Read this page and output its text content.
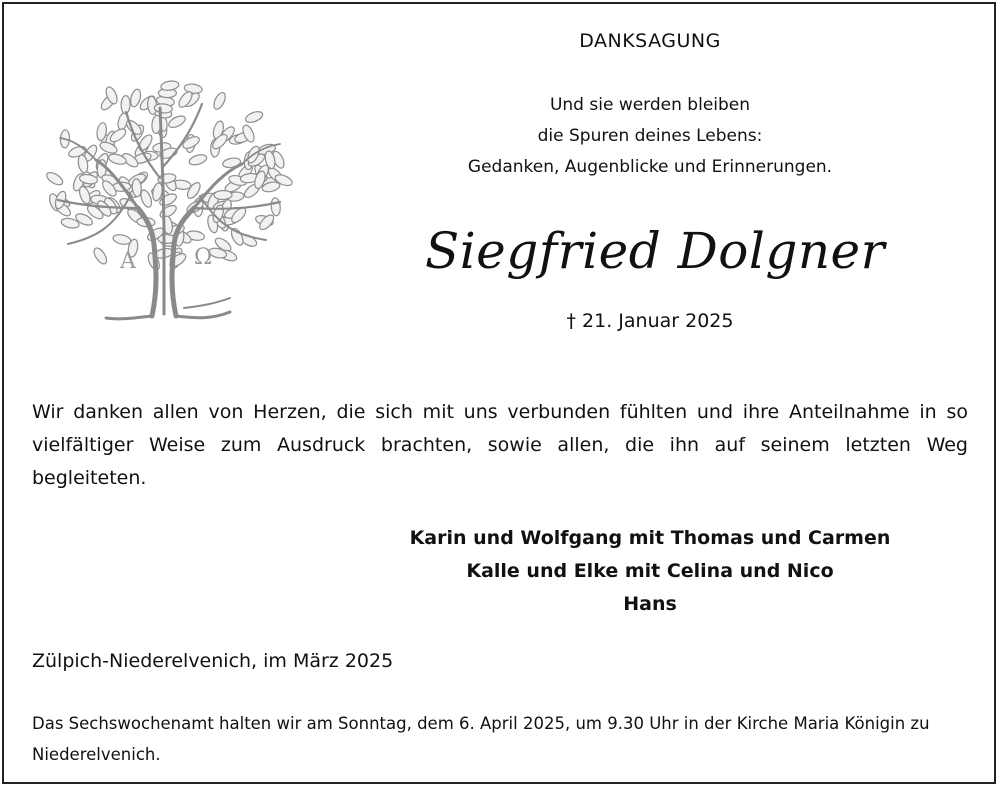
A	Ω
DANKSAGUNG
Und sie werden bleiben
die Spuren deines Lebens:
Gedanken, Augenblicke und Erinnerungen.
Siegfried Dolgner
† 21. Januar 2025
Wir danken allen von Herzen, die sich mit uns verbunden fühlten und ihre Anteilnahme in so vielfältiger Weise zum Ausdruck brachten, sowie allen, die ihn auf seinem letzten Weg begleiteten.
Karin und Wolfgang mit Thomas und Carmen
Kalle und Elke mit Celina und Nico
Hans
Zülpich-Niederelvenich, im März 2025
Das Sechswochenamt halten wir am Sonntag, dem 6. April 2025, um 9.30 Uhr in der Kirche Maria Königin zu Niederelvenich.
